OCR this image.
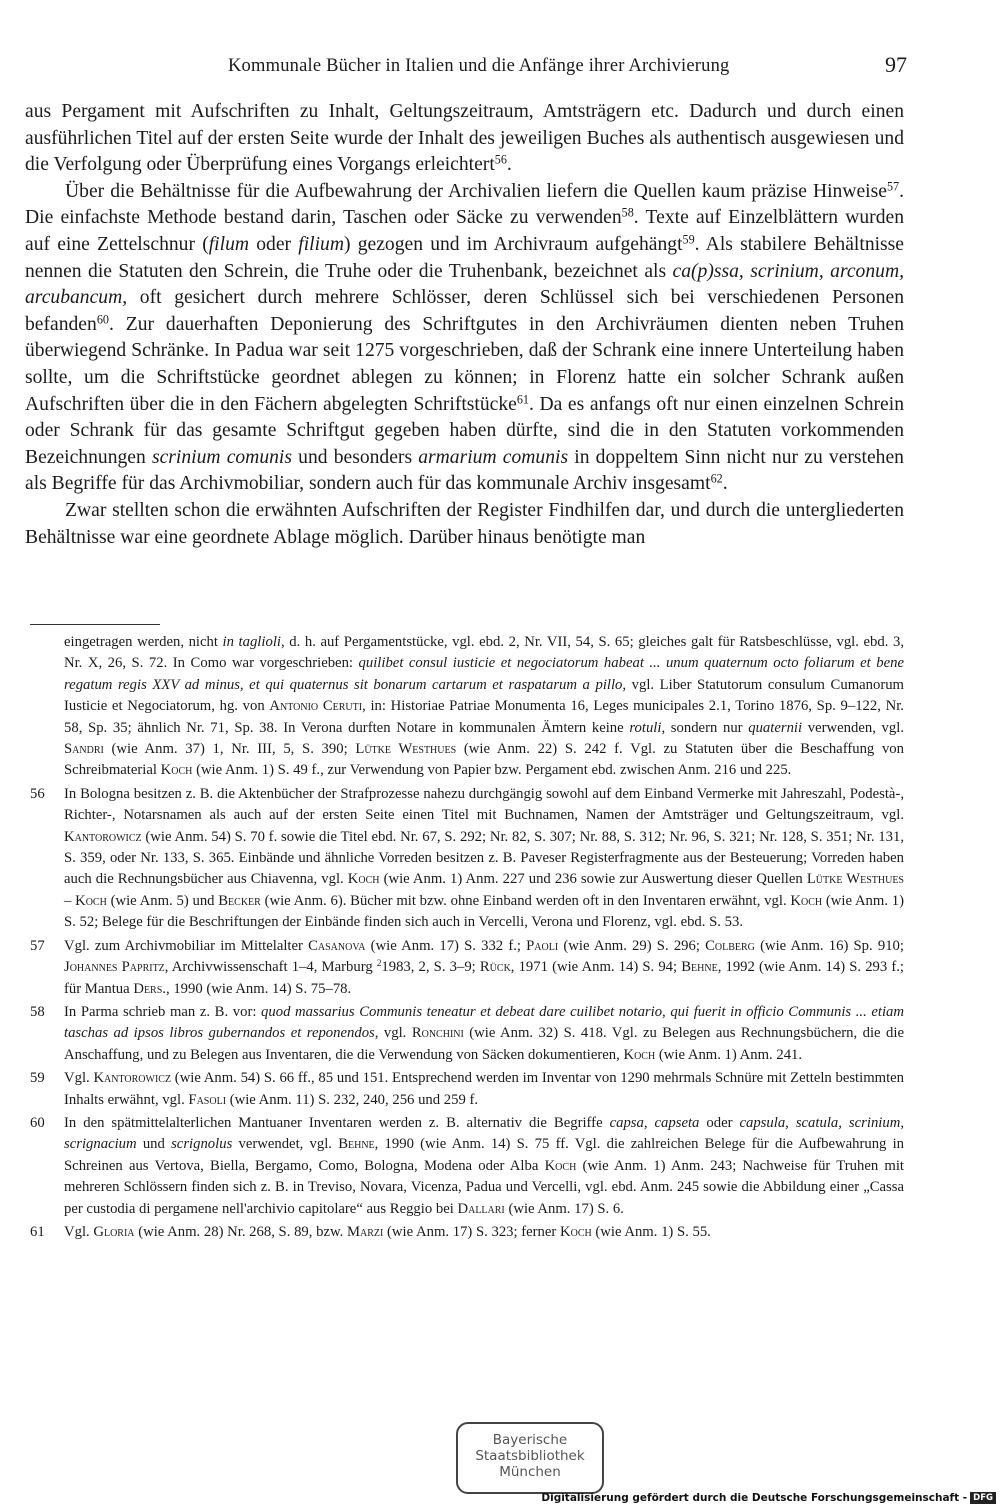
Kommunale Bücher in Italien und die Anfänge ihrer Archivierung	97

aus Pergament mit Aufschriften zu Inhalt, Geltungszeitraum, Amtsträgern etc. Dadurch und durch einen ausführlichen Titel auf der ersten Seite wurde der Inhalt des jeweiligen Buches als authentisch ausgewiesen und die Verfolgung oder Überprüfung eines Vorgangs erleichtert$^{56}$.

Über die Behältnisse für die Aufbewahrung der Archivalien liefern die Quellen kaum präzise Hinweise$^{57}$. Die einfachste Methode bestand darin, Taschen oder Säcke zu verwenden$^{58}$. Texte auf Einzelblättern wurden auf eine Zettelschnur (filum oder filium) gezogen und im Archivraum aufgehängt$^{59}$. Als stabilere Behältnisse nennen die Statuten den Schrein, die Truhe oder die Truhenbank, bezeichnet als ca(p)ssa, scrinium, arconum, arcubancum, oft gesichert durch mehrere Schlösser, deren Schlüssel sich bei verschiedenen Personen befanden$^{60}$. Zur dauerhaften Deponierung des Schriftgutes in den Archivräumen dienten neben Truhen überwiegend Schränke. In Padua war seit 1275 vorgeschrieben, daß der Schrank eine innere Unterteilung haben sollte, um die Schriftstücke geordnet ablegen zu können; in Florenz hatte ein solcher Schrank außen Aufschriften über die in den Fächern abgelegten Schriftstücke$^{61}$. Da es anfangs oft nur einen einzelnen Schrein oder Schrank für das gesamte Schriftgut gegeben haben dürfte, sind die in den Statuten vorkommenden Bezeichnungen scrinium comunis und besonders armarium comunis in doppeltem Sinn nicht nur zu verstehen als Begriffe für das Archivmobiliar, sondern auch für das kommunale Archiv insgesamt$^{62}$.

Zwar stellten schon die erwähnten Aufschriften der Register Findhilfen dar, und durch die untergliederten Behältnisse war eine geordnete Ablage möglich. Darüber hinaus benötigte man

eingetragen werden, nicht in taglioli, d. h. auf Pergamentstücke, vgl. ebd. 2, Nr. VII, 54, S. 65; gleiches galt für Ratsbeschlüsse, vgl. ebd. 3, Nr. X, 26, S. 72. In Como war vorgeschrieben: quilibet consul iusticie et negociatorum habeat ... unum quaternum octo foliarum et bene regatum regis XXV ad minus, et qui quaternus sit bonarum cartarum et raspatarum a pillo, vgl. Liber Statutorum consulum Cumanorum Iusticie et Negociatorum, hg. von Antonio Ceruti, in: Historiae Patriae Monumenta 16, Leges municipales 2.1, Torino 1876, Sp. 9–122, Nr. 58, Sp. 35; ähnlich Nr. 71, Sp. 38. In Verona durften Notare in kommunalen Ämtern keine rotuli, sondern nur quaternii verwenden, vgl. Sandri (wie Anm. 37) 1, Nr. III, 5, S. 390; Lütke Westhues (wie Anm. 22) S. 242 f. Vgl. zu Statuten über die Beschaffung von Schreibmaterial Koch (wie Anm. 1) S. 49 f., zur Verwendung von Papier bzw. Pergament ebd. zwischen Anm. 216 und 225.
56 In Bologna besitzen z. B. die Aktenbücher der Strafprozesse nahezu durchgängig sowohl auf dem Einband Vermerke mit Jahreszahl, Podestà-, Richter-, Notarsnamen als auch auf der ersten Seite einen Titel mit Buchnamen, Namen der Amtsträger und Geltungszeitraum, vgl. Kantorowicz (wie Anm. 54) S. 70 f. sowie die Titel ebd. Nr. 67, S. 292; Nr. 82, S. 307; Nr. 88, S. 312; Nr. 96, S. 321; Nr. 128, S. 351; Nr. 131, S. 359, oder Nr. 133, S. 365. Einbände und ähnliche Vorreden besitzen z. B. Paveser Registerfragmente aus der Besteuerung; Vorreden haben auch die Rechnungsbücher aus Chiavenna, vgl. Koch (wie Anm. 1) Anm. 227 und 236 sowie zur Auswertung dieser Quellen Lütke Westhues – Koch (wie Anm. 5) und Becker (wie Anm. 6). Bücher mit bzw. ohne Einband werden oft in den Inventaren erwähnt, vgl. Koch (wie Anm. 1) S. 52; Belege für die Beschriftungen der Einbände finden sich auch in Vercelli, Verona und Florenz, vgl. ebd. S. 53.
57 Vgl. zum Archivmobiliar im Mittelalter Casanova (wie Anm. 17) S. 332 f.; Paoli (wie Anm. 29) S. 296; Colberg (wie Anm. 16) Sp. 910; Johannes Papritz, Archivwissenschaft 1–4, Marburg $^2$1983, 2, S. 3–9; Rück, 1971 (wie Anm. 14) S. 94; Behne, 1992 (wie Anm. 14) S. 293 f.; für Mantua Ders., 1990 (wie Anm. 14) S. 75–78.
58 In Parma schrieb man z. B. vor: quod massarius Communis teneatur et debeat dare cuilibet notario, qui fuerit in officio Communis ... etiam taschas ad ipsos libros gubernandos et reponendos, vgl. Ronchini (wie Anm. 32) S. 418. Vgl. zu Belegen aus Rechnungsbüchern, die die Anschaffung, und zu Belegen aus Inventaren, die die Verwendung von Säcken dokumentieren, Koch (wie Anm. 1) Anm. 241.
59 Vgl. Kantorowicz (wie Anm. 54) S. 66 ff., 85 und 151. Entsprechend werden im Inventar von 1290 mehrmals Schnüre mit Zetteln bestimmten Inhalts erwähnt, vgl. Fasoli (wie Anm. 11) S. 232, 240, 256 und 259 f.
60 In den spätmittelalterlichen Mantuaner Inventaren werden z. B. alternativ die Begriffe capsa, capseta oder capsula, scatula, scrinium, scrignacium und scrignolus verwendet, vgl. Behne, 1990 (wie Anm. 14) S. 75 ff. Vgl. die zahlreichen Belege für die Aufbewahrung in Schreinen aus Vertova, Biella, Bergamo, Como, Bologna, Modena oder Alba Koch (wie Anm. 1) Anm. 243; Nachweise für Truhen mit mehreren Schlössern finden sich z. B. in Treviso, Novara, Vicenza, Padua und Vercelli, vgl. ebd. Anm. 245 sowie die Abbildung einer „Cassa per custodia di pergamene nell'archivio capitolare“ aus Reggio bei Dallari (wie Anm. 17) S. 6.
61 Vgl. Gloria (wie Anm. 28) Nr. 268, S. 89, bzw. Marzi (wie Anm. 17) S. 323; ferner Koch (wie Anm. 1) S. 55.
Bayerische
Staatsbibliothek
München
Digitalisierung gefördert durch die Deutsche Forschungsgemeinschaft - DFG
